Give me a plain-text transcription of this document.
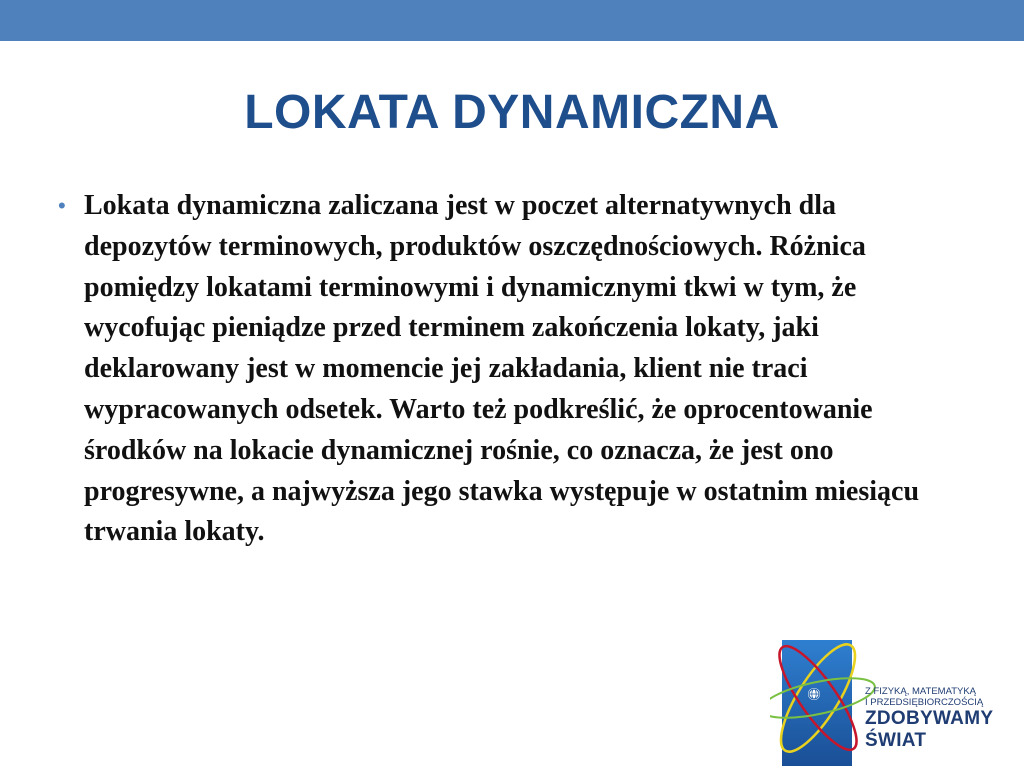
LOKATA DYNAMICZNA
• Lokata dynamiczna zaliczana jest w poczet alternatywnych dla depozytów terminowych, produktów oszczędnościowych. Różnica pomiędzy lokatami terminowymi i dynamicznymi tkwi w tym, że wycofując pieniądze przed terminem zakończenia lokaty, jaki deklarowany jest w momencie jej zakładania, klient nie traci wypracowanych odsetek. Warto też podkreślić, że oprocentowanie środków na lokacie dynamicznej rośnie, co oznacza, że jest ono progresywne, a najwyższa jego stawka występuje w ostatnim miesiącu trwania lokaty.
Z FIZYKĄ, MATEMATYKĄ
I PRZEDSIĘBIORCZOŚCIĄ
ZDOBYWAMY
ŚWIAT
